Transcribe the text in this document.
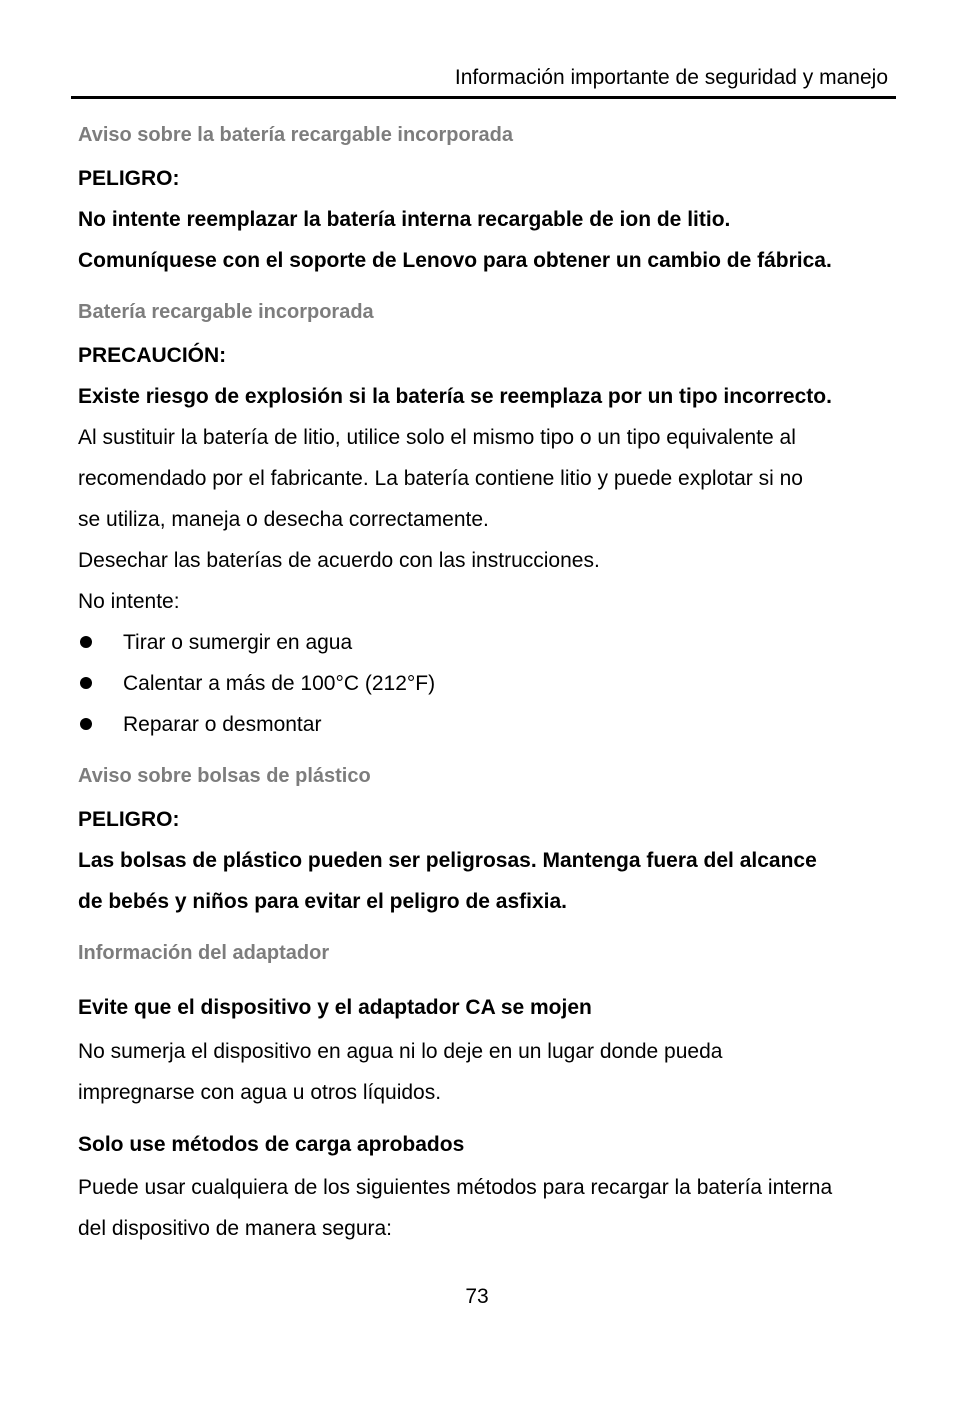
Información importante de seguridad y manejo

Aviso sobre la batería recargable incorporada

PELIGRO:

No intente reemplazar la batería interna recargable de ion de litio.

Comuníquese con el soporte de Lenovo para obtener un cambio de fábrica.

Batería recargable incorporada

PRECAUCIÓN:

Existe riesgo de explosión si la batería se reemplaza por un tipo incorrecto.

Al sustituir la batería de litio, utilice solo el mismo tipo o un tipo equivalente al

recomendado por el fabricante. La batería contiene litio y puede explotar si no

se utiliza, maneja o desecha correctamente.

Desechar las baterías de acuerdo con las instrucciones.

No intente:

Tirar o sumergir en agua

Calentar a más de 100°C (212°F)

Reparar o desmontar

Aviso sobre bolsas de plástico

PELIGRO:

Las bolsas de plástico pueden ser peligrosas. Mantenga fuera del alcance

de bebés y niños para evitar el peligro de asfixia.

Información del adaptador

Evite que el dispositivo y el adaptador CA se mojen

No sumerja el dispositivo en agua ni lo deje en un lugar donde pueda

impregnarse con agua u otros líquidos.

Solo use métodos de carga aprobados

Puede usar cualquiera de los siguientes métodos para recargar la batería interna

del dispositivo de manera segura:

73
